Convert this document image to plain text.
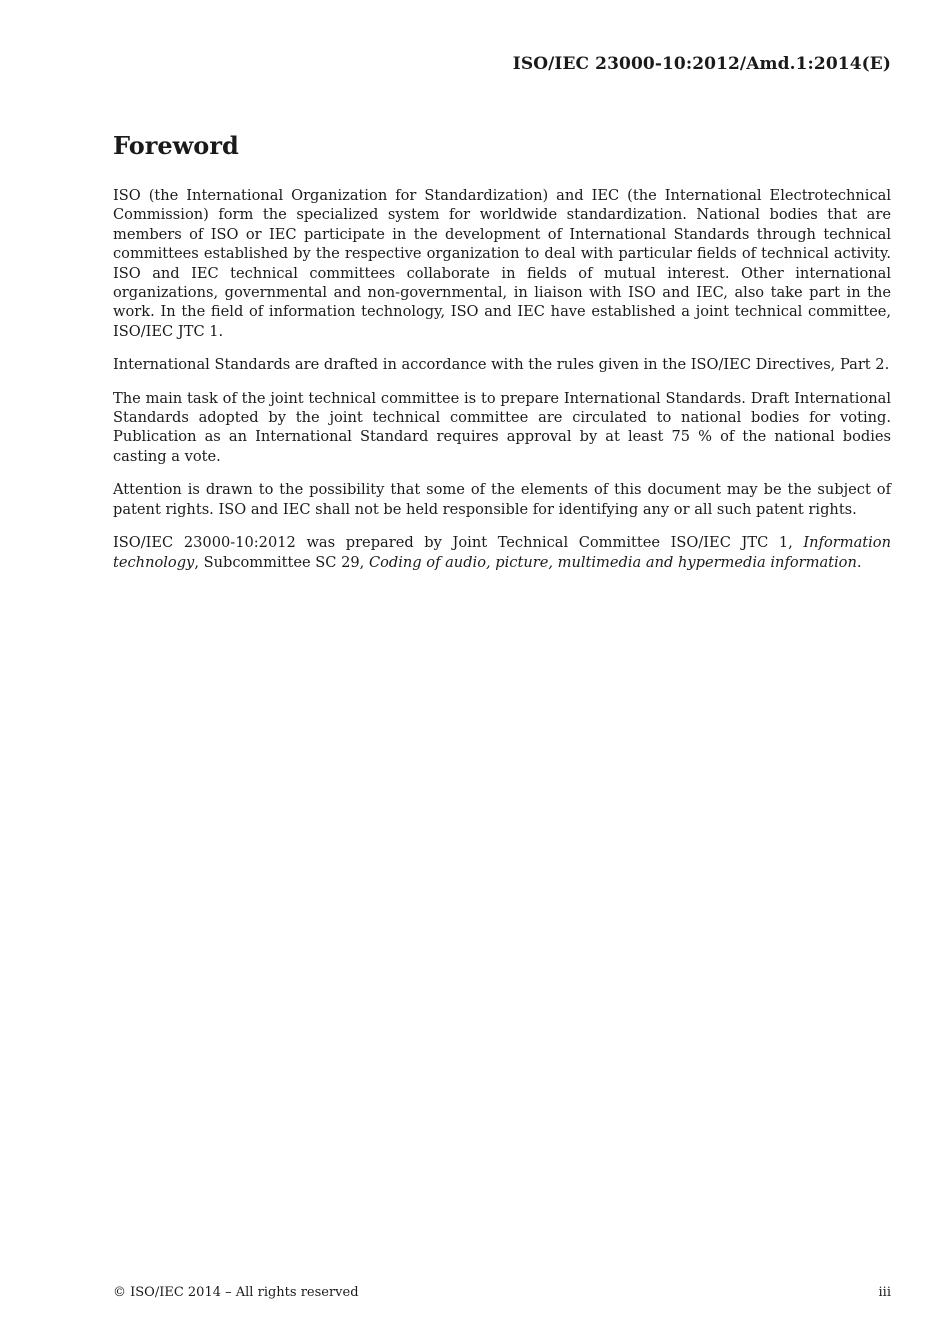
ISO/IEC 23000-10:2012/Amd.1:2014(E)
Foreword

ISO (the International Organization for Standardization) and IEC (the International Electrotechnical Commission) form the specialized system for worldwide standardization. National bodies that are members of ISO or IEC participate in the development of International Standards through technical committees established by the respective organization to deal with particular fields of technical activity. ISO and IEC technical committees collaborate in fields of mutual interest. Other international organizations, governmental and non-governmental, in liaison with ISO and IEC, also take part in the work. In the field of information technology, ISO and IEC have established a joint technical committee, ISO/IEC JTC 1.

International Standards are drafted in accordance with the rules given in the ISO/IEC Directives, Part 2.

The main task of the joint technical committee is to prepare International Standards. Draft International Standards adopted by the joint technical committee are circulated to national bodies for voting. Publication as an International Standard requires approval by at least 75 % of the national bodies casting a vote.

Attention is drawn to the possibility that some of the elements of this document may be the subject of patent rights. ISO and IEC shall not be held responsible for identifying any or all such patent rights.

ISO/IEC 23000-10:2012 was prepared by Joint Technical Committee ISO/IEC JTC 1, Information technology, Subcommittee SC 29, Coding of audio, picture, multimedia and hypermedia information.

© ISO/IEC 2014 – All rights reserved	iii
